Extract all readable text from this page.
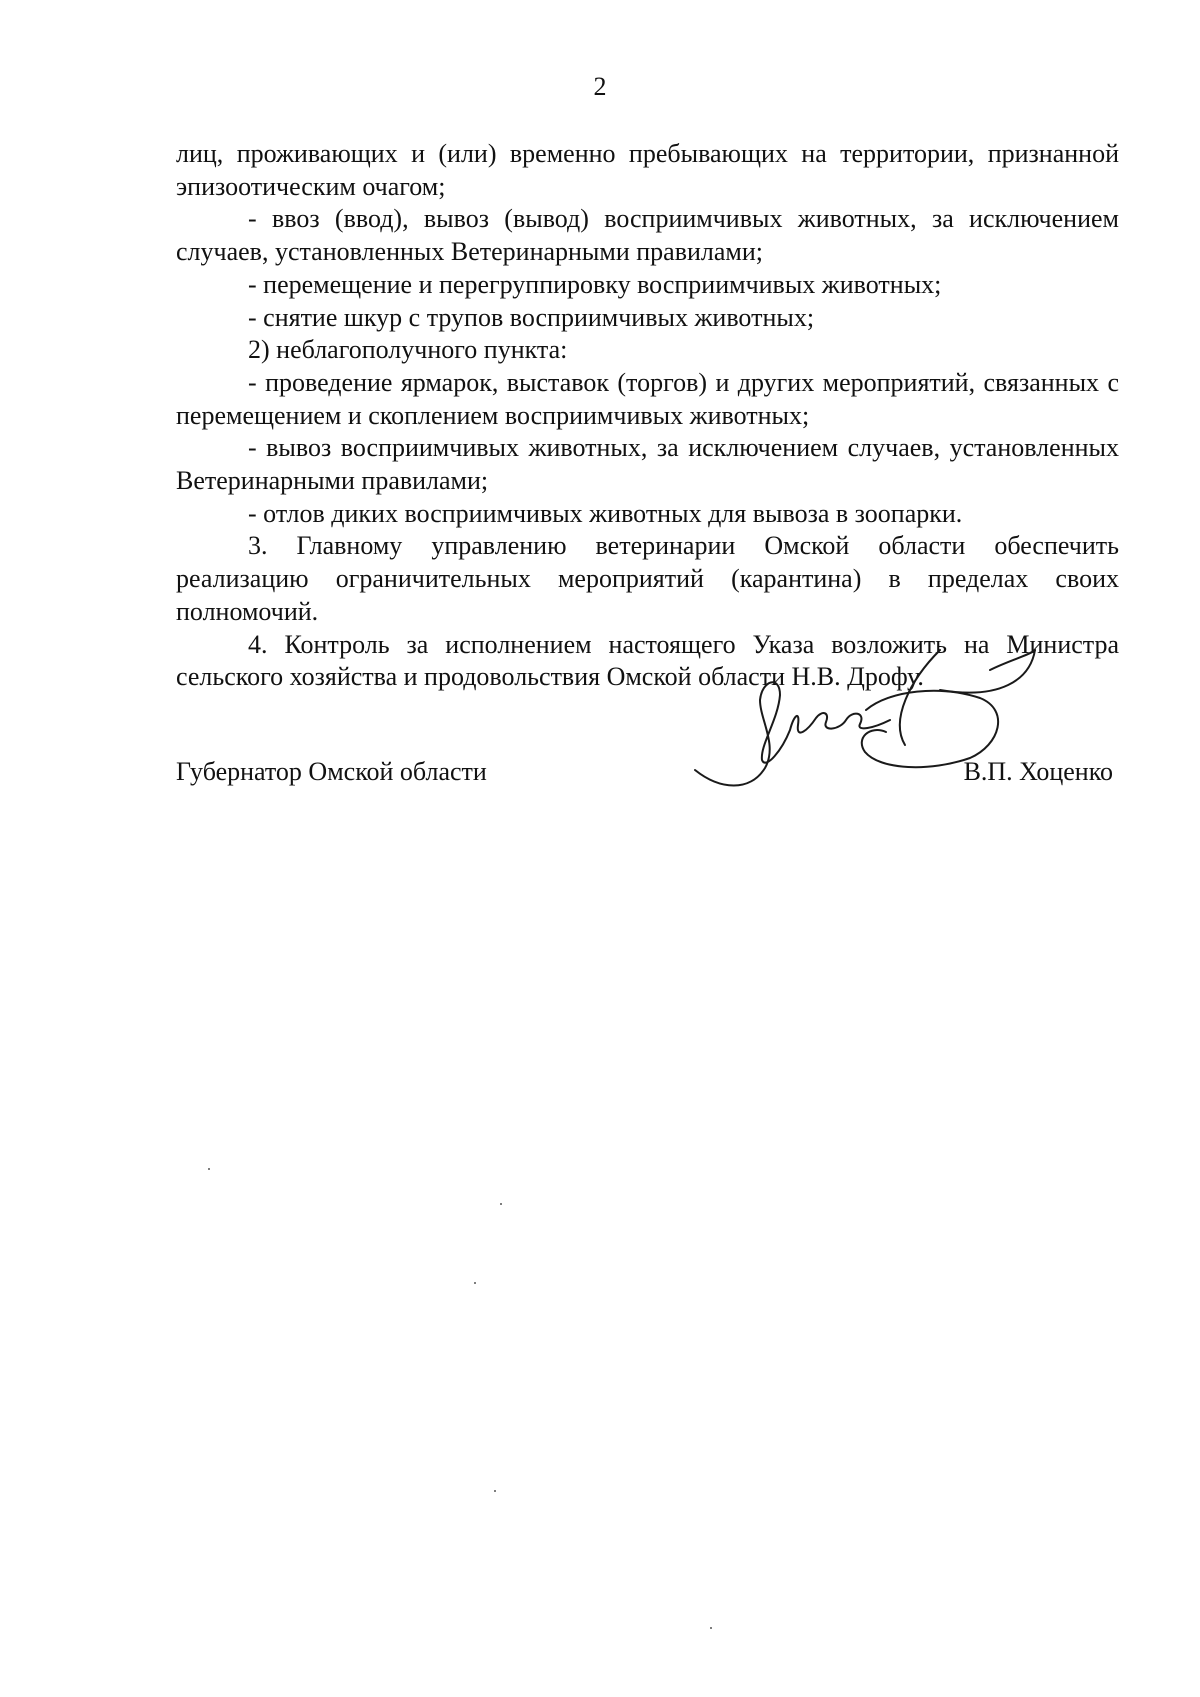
2

лиц, проживающих и (или) временно пребывающих на территории, признанной эпизоотическим очагом;

- ввоз (ввод), вывоз (вывод) восприимчивых животных, за исключением случаев, установленных Ветеринарными правилами;

- перемещение и перегруппировку восприимчивых животных;

- снятие шкур с трупов восприимчивых животных;

2) неблагополучного пункта:

- проведение ярмарок, выставок (торгов) и других мероприятий, связанных с перемещением и скоплением восприимчивых животных;

- вывоз восприимчивых животных, за исключением случаев, установленных Ветеринарными правилами;

- отлов диких восприимчивых животных для вывоза в зоопарки.

3. Главному управлению ветеринарии Омской области обеспечить реализацию ограничительных мероприятий (карантина) в пределах своих полномочий.

4. Контроль за исполнением настоящего Указа возложить на Министра сельского хозяйства и продовольствия Омской области Н.В. Дрофу.

Губернатор Омской области	В.П. Хоценко
